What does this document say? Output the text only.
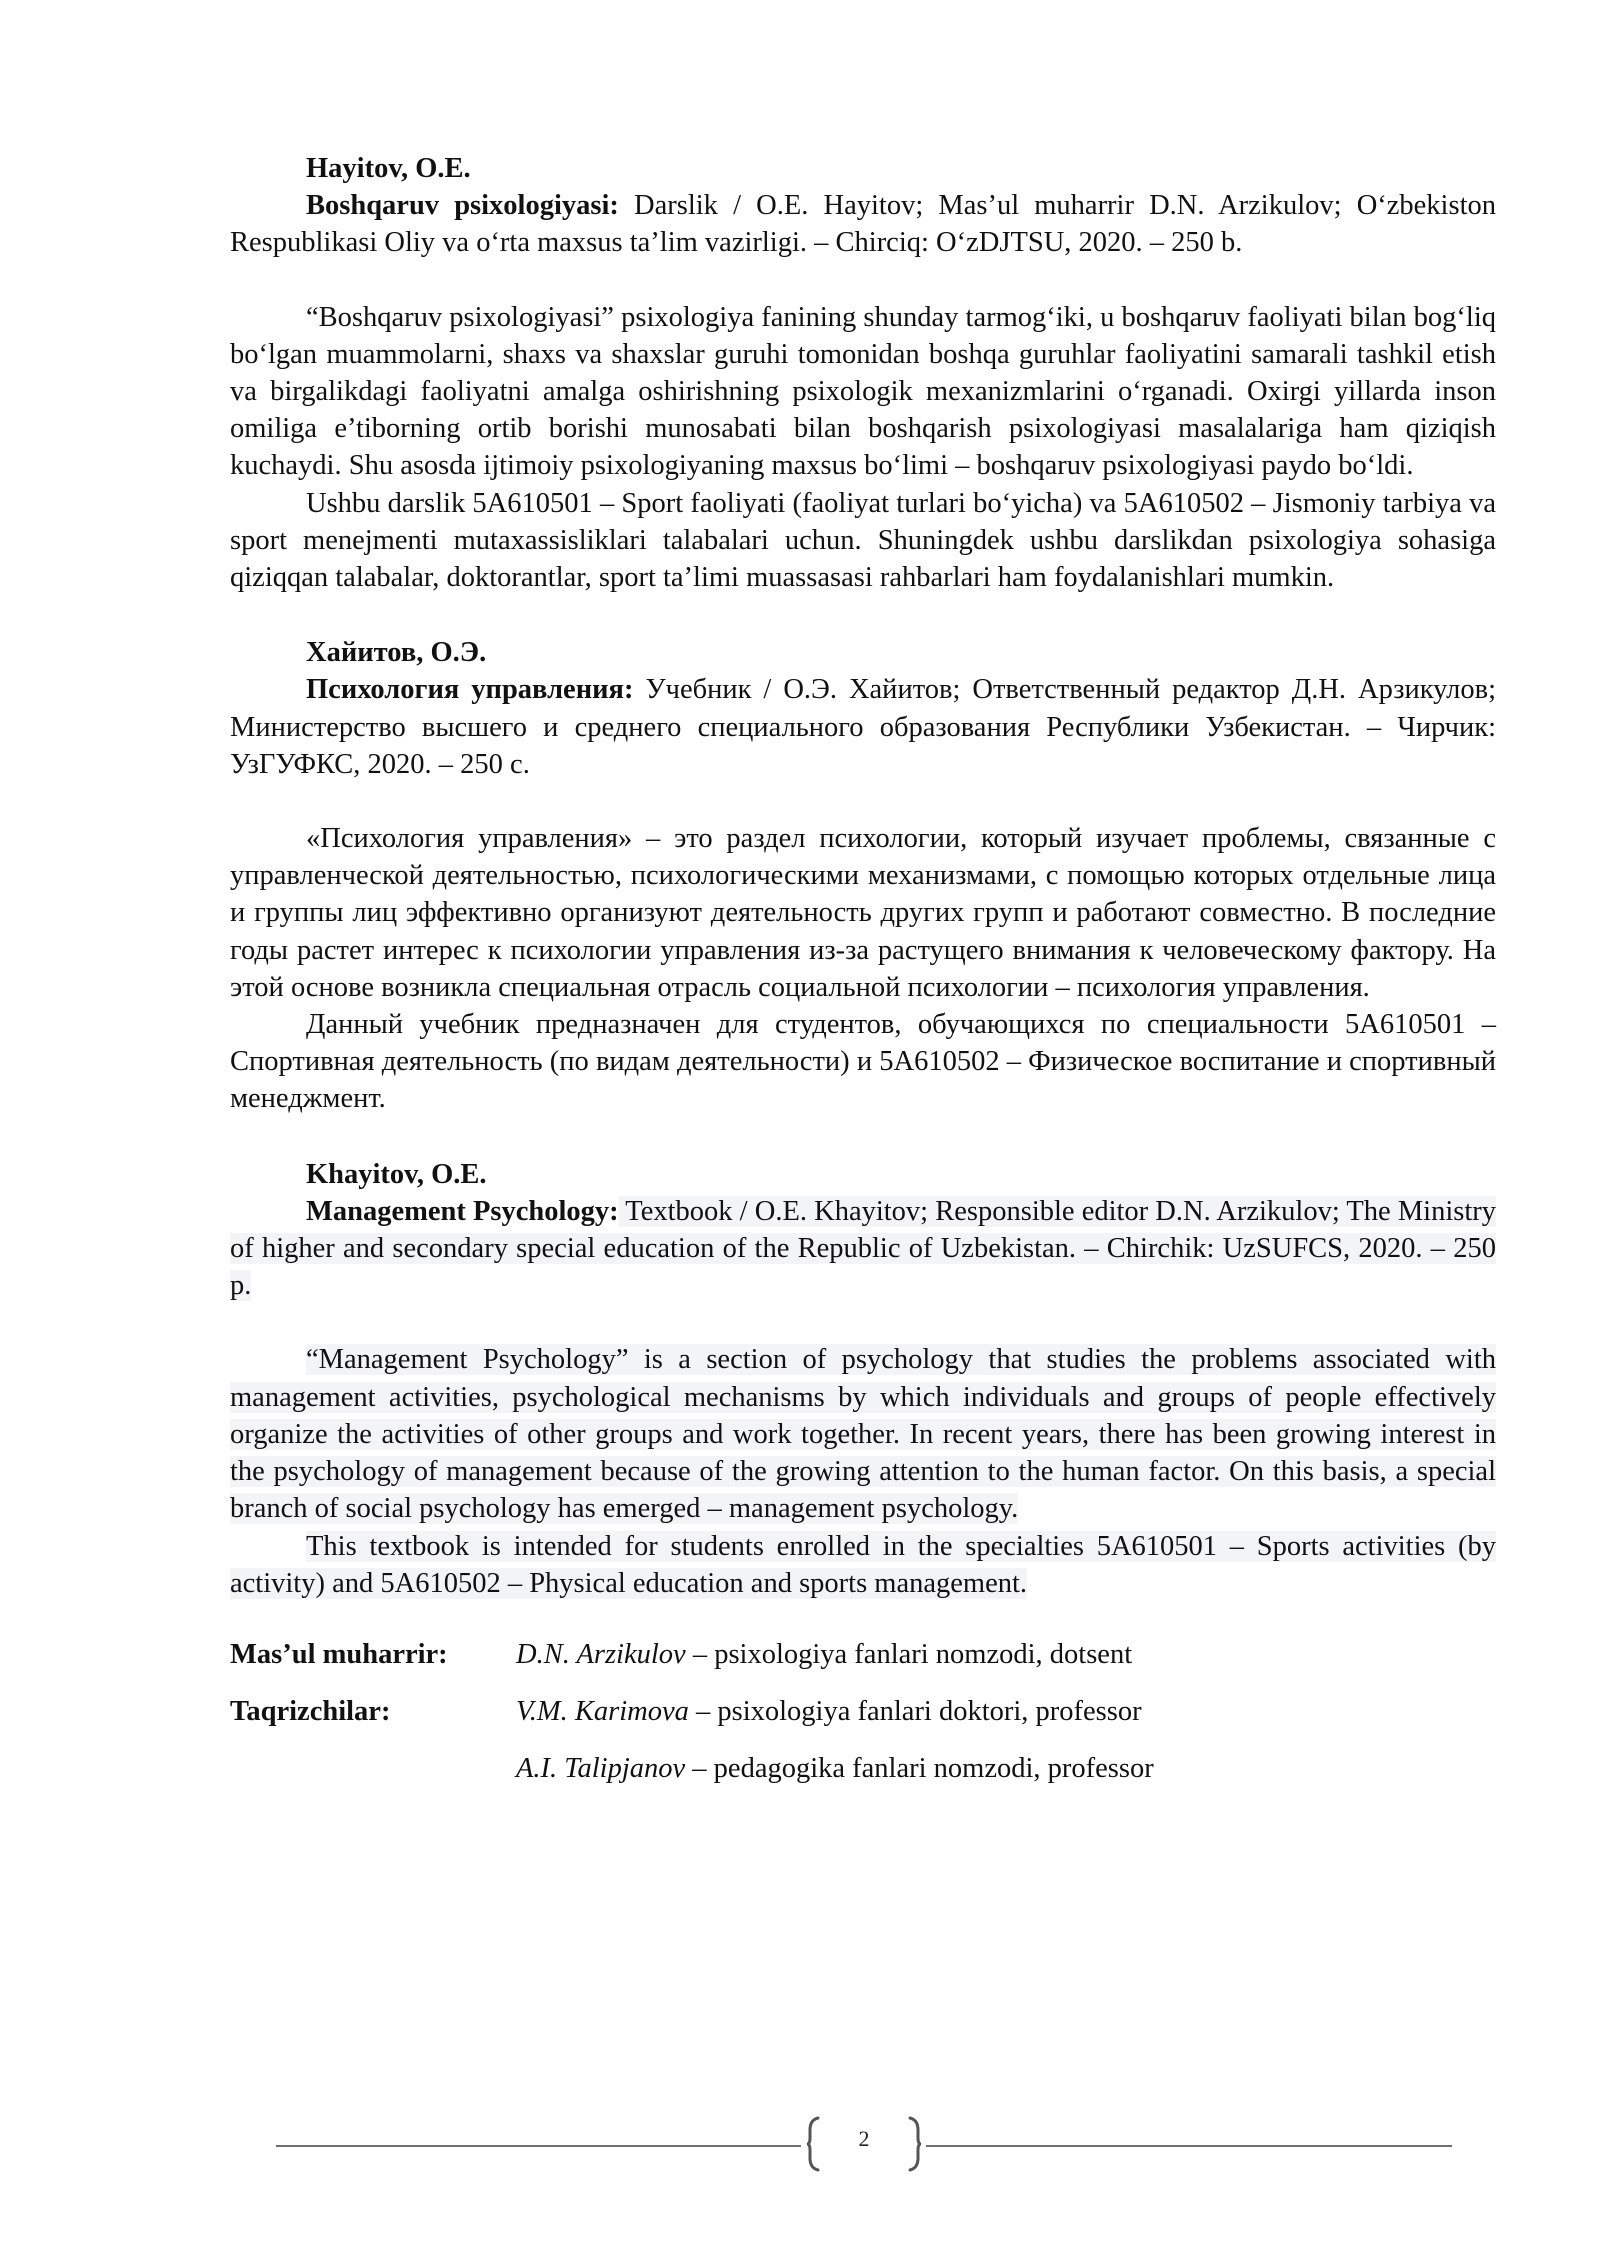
Hayitov, O.E.

Boshqaruv psixologiyasi: Darslik / O.E. Hayitov; Mas’ul muharrir D.N. Arzikulov; O‘zbekiston Respublikasi Oliy va o‘rta maxsus ta’lim vazirligi. – Chirciq: O‘zDJTSU, 2020. – 250 b.

“Boshqaruv psixologiyasi” psixologiya fanining shunday tarmog‘iki, u boshqaruv faoliyati bilan bog‘liq bo‘lgan muammolarni, shaxs va shaxslar guruhi tomonidan boshqa guruhlar faoliyatini samarali tashkil etish va birgalikdagi faoliyatni amalga oshirishning psixologik mexanizmlarini o‘rganadi. Oxirgi yillarda inson omiliga e’tiborning ortib borishi munosabati bilan boshqarish psixologiyasi masalalariga ham qiziqish kuchaydi. Shu asosda ijtimoiy psixologiyaning maxsus bo‘limi – boshqaruv psixologiyasi paydo bo‘ldi.

Ushbu darslik 5A610501 – Sport faoliyati (faoliyat turlari bo‘yicha) va 5A610502 – Jismoniy tarbiya va sport menejmenti mutaxassisliklari talabalari uchun. Shuningdek ushbu darslikdan psixologiya sohasiga qiziqqan talabalar, doktorantlar, sport ta’limi muassasasi rahbarlari ham foydalanishlari mumkin.

Хайитов, О.Э.

Психология управления: Учебник / О.Э. Хайитов; Ответственный редактор Д.Н. Арзикулов; Министерство высшего и среднего специального образования Республики Узбекистан. – Чирчик: УзГУФКС, 2020. – 250 с.

«Психология управления» – это раздел психологии, который изучает проблемы, связанные с управленческой деятельностью, психологическими механизмами, с помощью которых отдельные лица и группы лиц эффективно организуют деятельность других групп и работают совместно. В последние годы растет интерес к психологии управления из-за растущего внимания к человеческому фактору. На этой основе возникла специальная отрасль социальной психологии – психология управления.

Данный учебник предназначен для студентов, обучающихся по специальности 5А610501 – Спортивная деятельность (по видам деятельности) и 5А610502 – Физическое воспитание и спортивный менеджмент.

Khayitov, O.E.

Management Psychology: Textbook / O.E. Khayitov; Responsible editor D.N. Arzikulov; The Ministry of higher and secondary special education of the Republic of Uzbekistan. – Chirchik: UzSUFCS, 2020. – 250 p.

“Management Psychology” is a section of psychology that studies the problems associated with management activities, psychological mechanisms by which individuals and groups of people effectively organize the activities of other groups and work together. In recent years, there has been growing interest in the psychology of management because of the growing attention to the human factor. On this basis, a special branch of social psychology has emerged – management psychology.

This textbook is intended for students enrolled in the specialties 5A610501 – Sports activities (by activity) and 5A610502 – Physical education and sports management.

Mas’ul muharrir:	D.N. Arzikulov – psixologiya fanlari nomzodi, dotsent
Taqrizchilar:	V.M. Karimova – psixologiya fanlari doktori, professor
A.I. Talipjanov – pedagogika fanlari nomzodi, professor
2
